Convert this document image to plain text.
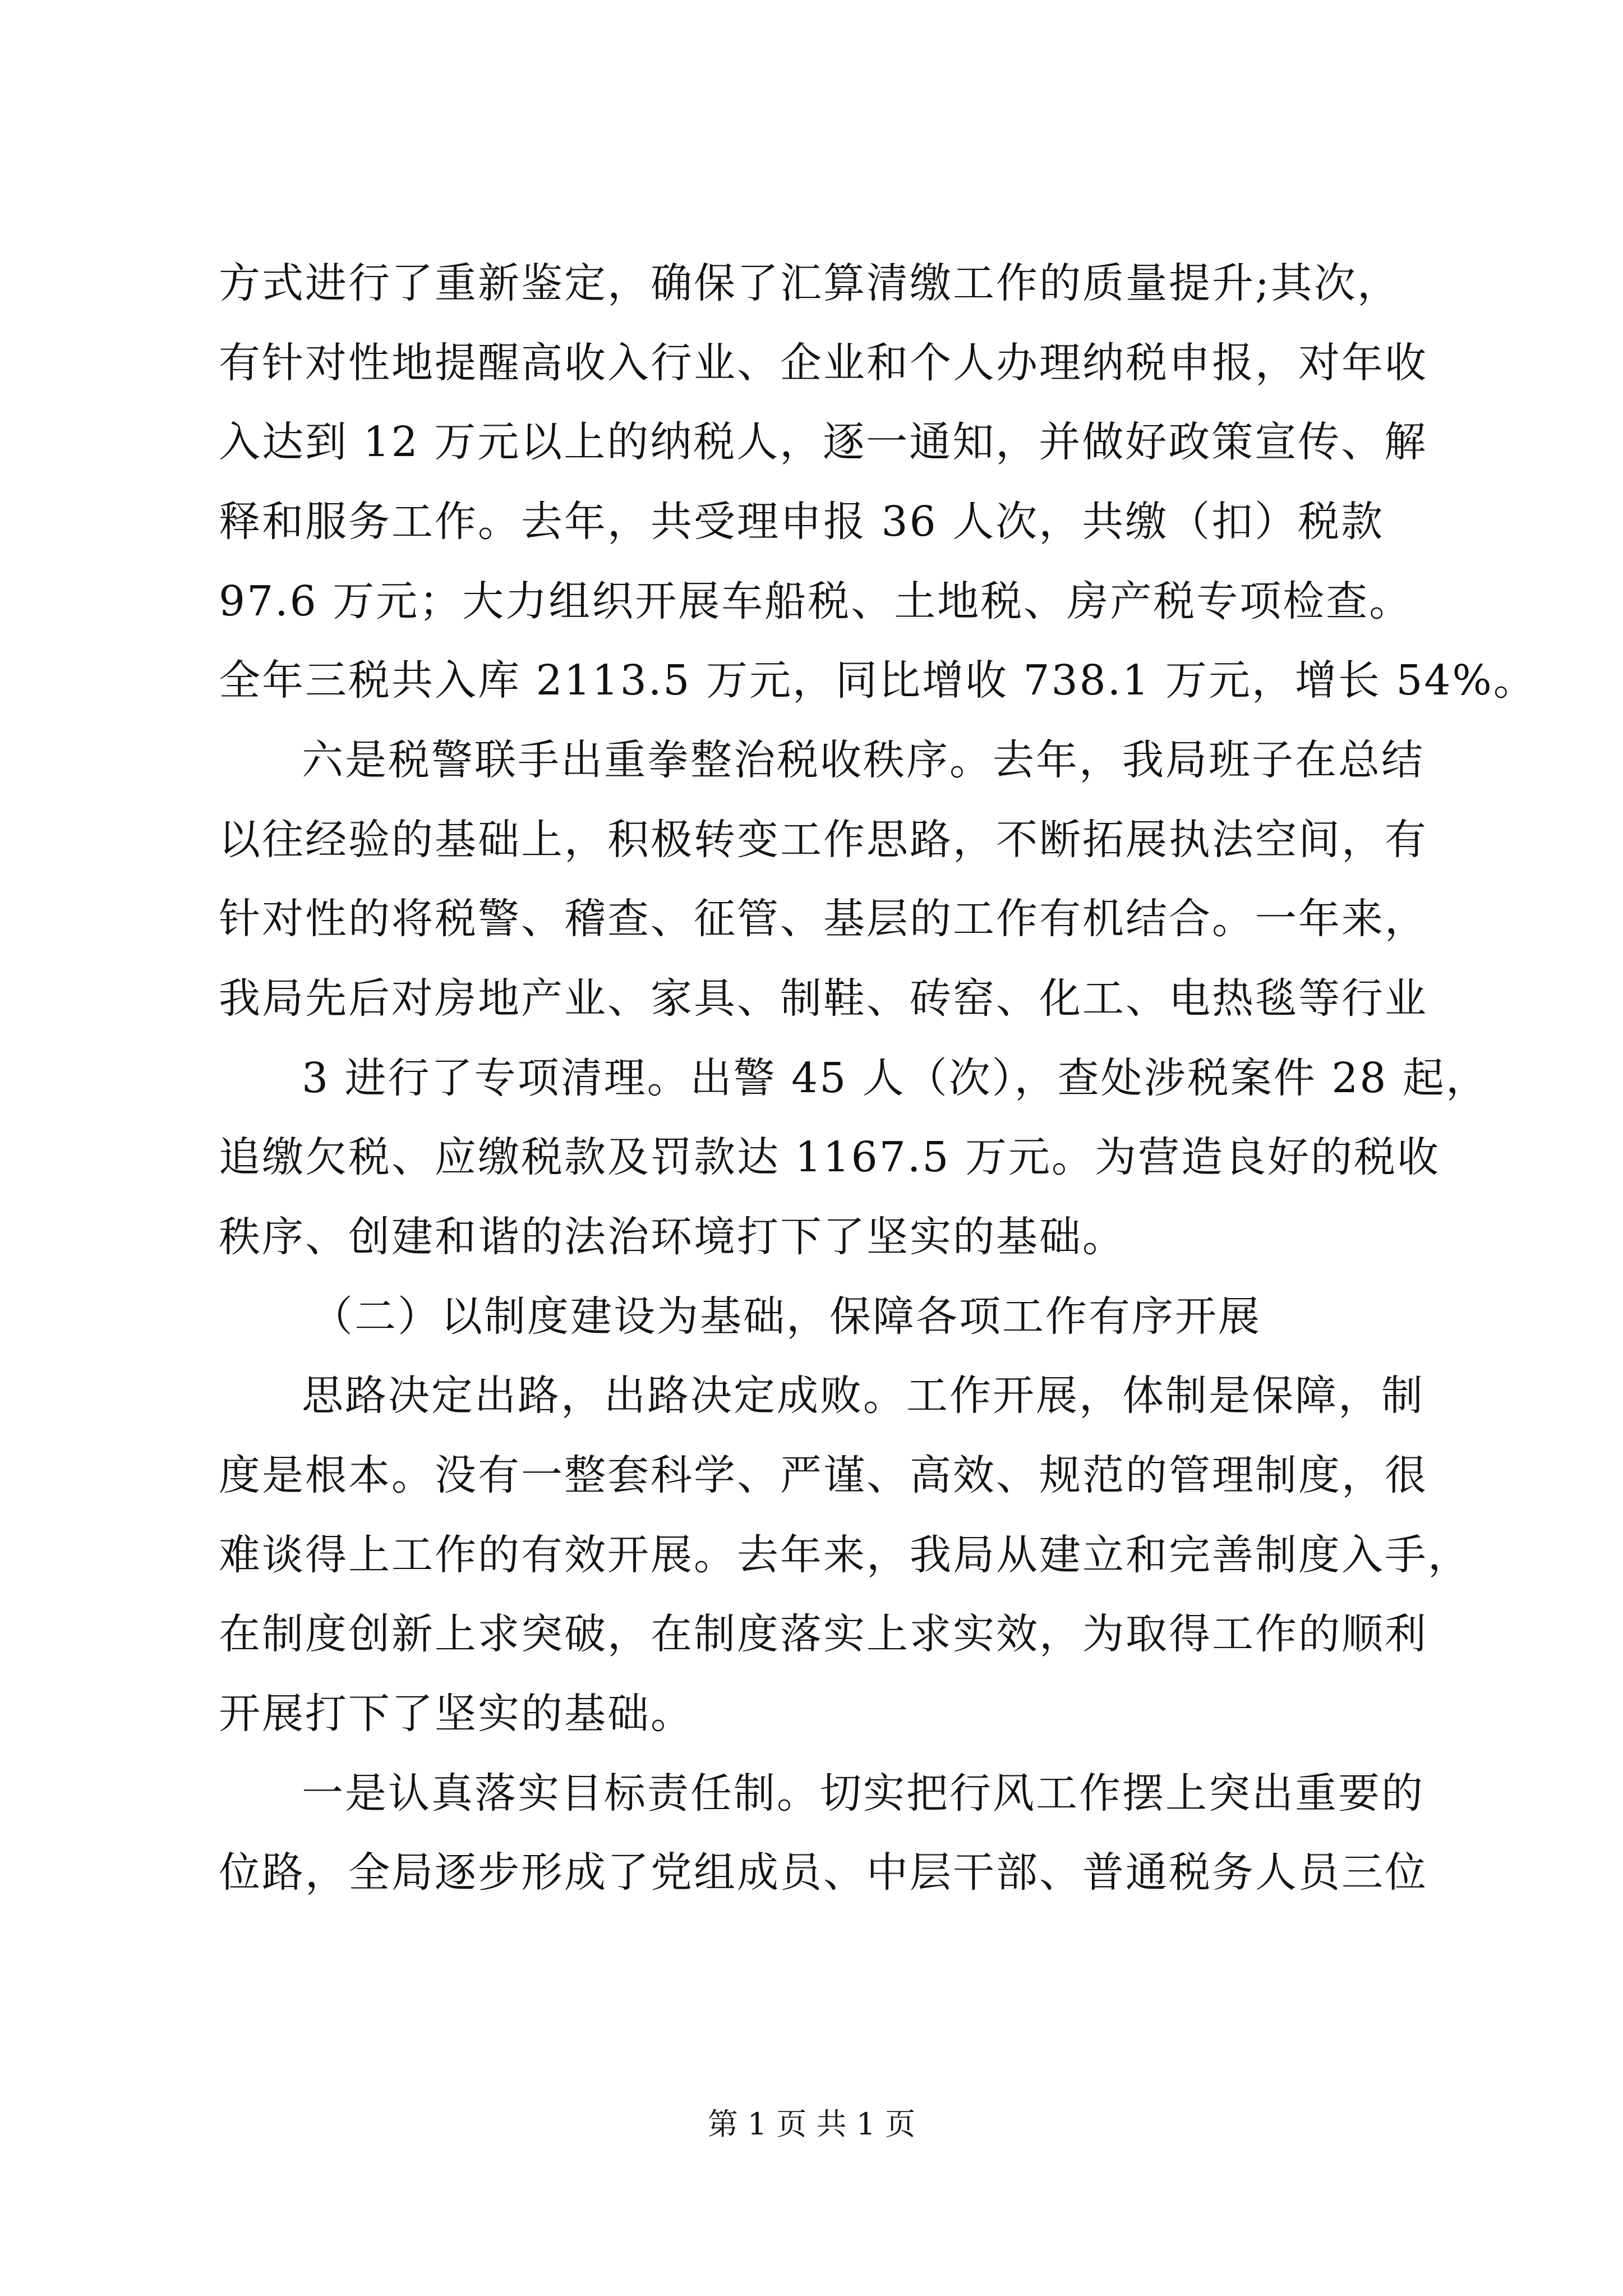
方式进行了重新鉴定，确保了汇算清缴工作的质量提升;其次，
有针对性地提醒高收入行业、企业和个人办理纳税申报，对年收
入达到 12 万元以上的纳税人，逐一通知，并做好政策宣传、解
释和服务工作。去年，共受理申报 36 人次，共缴（扣）税款
97.6 万元；大力组织开展车船税、土地税、房产税专项检查。
全年三税共入库 2113.5 万元，同比增收 738.1 万元，增长 54%。
六是税警联手出重拳整治税收秩序。去年，我局班子在总结
以往经验的基础上，积极转变工作思路，不断拓展执法空间，有
针对性的将税警、稽查、征管、基层的工作有机结合。一年来，
我局先后对房地产业、家具、制鞋、砖窑、化工、电热毯等行业
3 进行了专项清理。出警 45 人（次），查处涉税案件 28 起，
追缴欠税、应缴税款及罚款达 1167.5 万元。为营造良好的税收
秩序、创建和谐的法治环境打下了坚实的基础。
（二）以制度建设为基础，保障各项工作有序开展
思路决定出路，出路决定成败。工作开展，体制是保障，制
度是根本。没有一整套科学、严谨、高效、规范的管理制度，很
难谈得上工作的有效开展。去年来，我局从建立和完善制度入手，
在制度创新上求突破，在制度落实上求实效，为取得工作的顺利
开展打下了坚实的基础。
一是认真落实目标责任制。切实把行风工作摆上突出重要的
位路，全局逐步形成了党组成员、中层干部、普通税务人员三位
第 1 页 共 1 页
